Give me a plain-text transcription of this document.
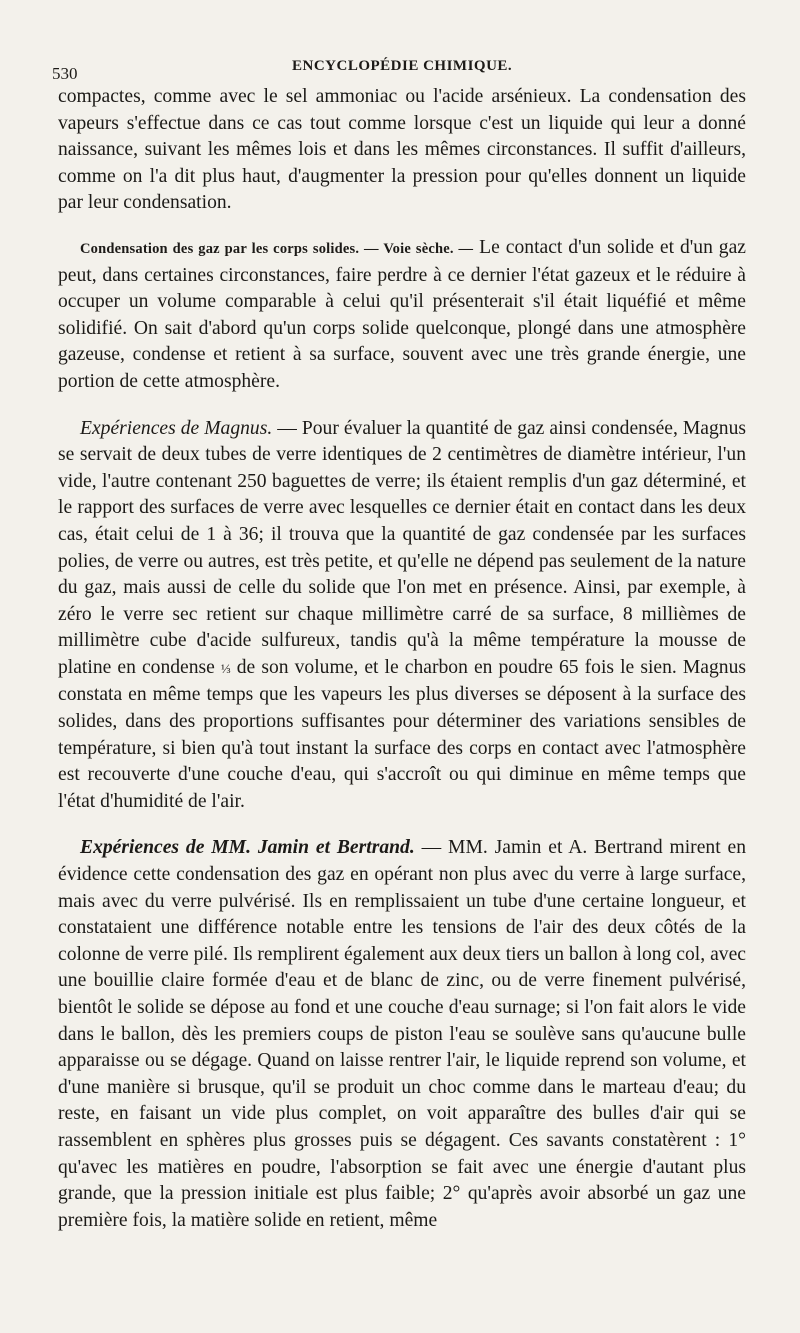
530	ENCYCLOPÉDIE CHIMIQUE.

compactes, comme avec le sel ammoniac ou l'acide arsénieux. La condensation des vapeurs s'effectue dans ce cas tout comme lorsque c'est un liquide qui leur a donné naissance, suivant les mêmes lois et dans les mêmes circonstances. Il suffit d'ailleurs, comme on l'a dit plus haut, d'augmenter la pression pour qu'elles donnent un liquide par leur condensation.

Condensation des gaz par les corps solides. — Voie sèche. — Le contact d'un solide et d'un gaz peut, dans certaines circonstances, faire perdre à ce dernier l'état gazeux et le réduire à occuper un volume comparable à celui qu'il présenterait s'il était liquéfié et même solidifié. On sait d'abord qu'un corps solide quelconque, plongé dans une atmosphère gazeuse, condense et retient à sa surface, souvent avec une très grande énergie, une portion de cette atmosphère.

Expériences de Magnus. — Pour évaluer la quantité de gaz ainsi condensée, Magnus se servait de deux tubes de verre identiques de 2 centimètres de diamètre intérieur, l'un vide, l'autre contenant 250 baguettes de verre; ils étaient remplis d'un gaz déterminé, et le rapport des surfaces de verre avec lesquelles ce dernier était en contact dans les deux cas, était celui de 1 à 36; il trouva que la quantité de gaz condensée par les surfaces polies, de verre ou autres, est très petite, et qu'elle ne dépend pas seulement de la nature du gaz, mais aussi de celle du solide que l'on met en présence. Ainsi, par exemple, à zéro le verre sec retient sur chaque millimètre carré de sa surface, 8 millièmes de millimètre cube d'acide sulfureux, tandis qu'à la même température la mousse de platine en condense ⅓ de son volume, et le charbon en poudre 65 fois le sien. Magnus constata en même temps que les vapeurs les plus diverses se déposent à la surface des solides, dans des proportions suffisantes pour déterminer des variations sensibles de température, si bien qu'à tout instant la surface des corps en contact avec l'atmosphère est recouverte d'une couche d'eau, qui s'accroît ou qui diminue en même temps que l'état d'humidité de l'air.

Expériences de MM. Jamin et Bertrand. — MM. Jamin et A. Bertrand mirent en évidence cette condensation des gaz en opérant non plus avec du verre à large surface, mais avec du verre pulvérisé. Ils en remplissaient un tube d'une certaine longueur, et constataient une différence notable entre les tensions de l'air des deux côtés de la colonne de verre pilé. Ils remplirent également aux deux tiers un ballon à long col, avec une bouillie claire formée d'eau et de blanc de zinc, ou de verre finement pulvérisé, bientôt le solide se dépose au fond et une couche d'eau surnage; si l'on fait alors le vide dans le ballon, dès les premiers coups de piston l'eau se soulève sans qu'aucune bulle apparaisse ou se dégage. Quand on laisse rentrer l'air, le liquide reprend son volume, et d'une manière si brusque, qu'il se produit un choc comme dans le marteau d'eau; du reste, en faisant un vide plus complet, on voit apparaître des bulles d'air qui se rassemblent en sphères plus grosses puis se dégagent. Ces savants constatèrent : 1° qu'avec les matières en poudre, l'absorption se fait avec une énergie d'autant plus grande, que la pression initiale est plus faible; 2° qu'après avoir absorbé un gaz une première fois, la matière solide en retient, même
